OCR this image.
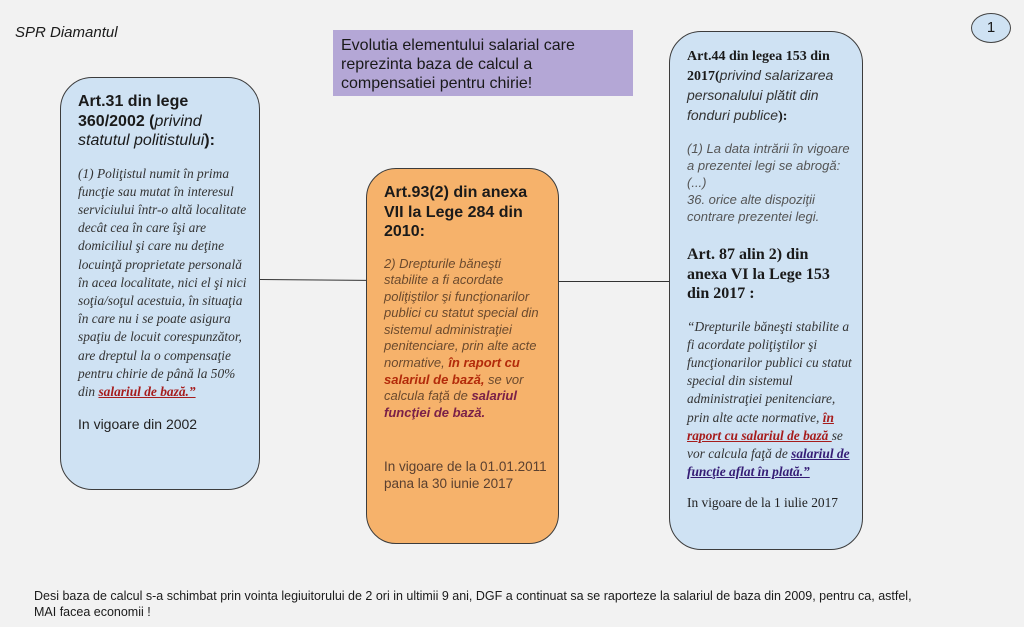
SPR Diamantul
Evolutia elementului salarial care reprezinta baza de calcul a compensatiei pentru chirie!
1
Art.31 din lege 360/2002 (privind statutul politistului):
(1) Poliţistul numit în prima funcţie sau mutat în interesul serviciului într-o altă localitate decât cea în care îşi are domiciliul şi care nu deţine locuinţă proprietate personală în acea localitate, nici el şi nici soţia/soţul acestuia, în situaţia în care nu i se poate asigura spaţiu de locuit corespunzător, are dreptul la o compensaţie pentru chirie de până la 50% din salariul de bază.”
In vigoare din 2002
Art.93(2) din anexa VII la Lege 284 din 2010:
2) Drepturile băneşti stabilite a fi acordate poliţiştilor şi funcţionarilor publici cu statut special din sistemul administraţiei penitenciare, prin alte acte normative, în raport cu salariul de bază, se vor calcula faţă de salariul funcţiei de bază.
In vigoare de la 01.01.2011 pana la 30 iunie 2017
Art.44 din legea 153 din 2017(privind salarizarea personalului plătit din fonduri publice):
(1) La data intrării în vigoare a prezentei legi se abrogă:
(...)
36. orice alte dispoziţii contrare prezentei legi.
Art. 87 alin 2) din anexa VI la Lege 153 din 2017 :
“Drepturile băneşti stabilite a fi acordate poliţiştilor şi funcţionarilor publici cu statut special din sistemul administraţiei penitenciare, prin alte acte normative, în raport cu salariul de bază se vor calcula faţă de salariul de funcţie aflat în plată.”
In vigoare de la 1 iulie 2017
Desi baza de calcul s-a schimbat prin vointa legiuitorului de 2 ori in ultimii 9 ani, DGF a continuat sa se raporteze la salariul de baza din 2009, pentru ca, astfel, MAI facea economii !
